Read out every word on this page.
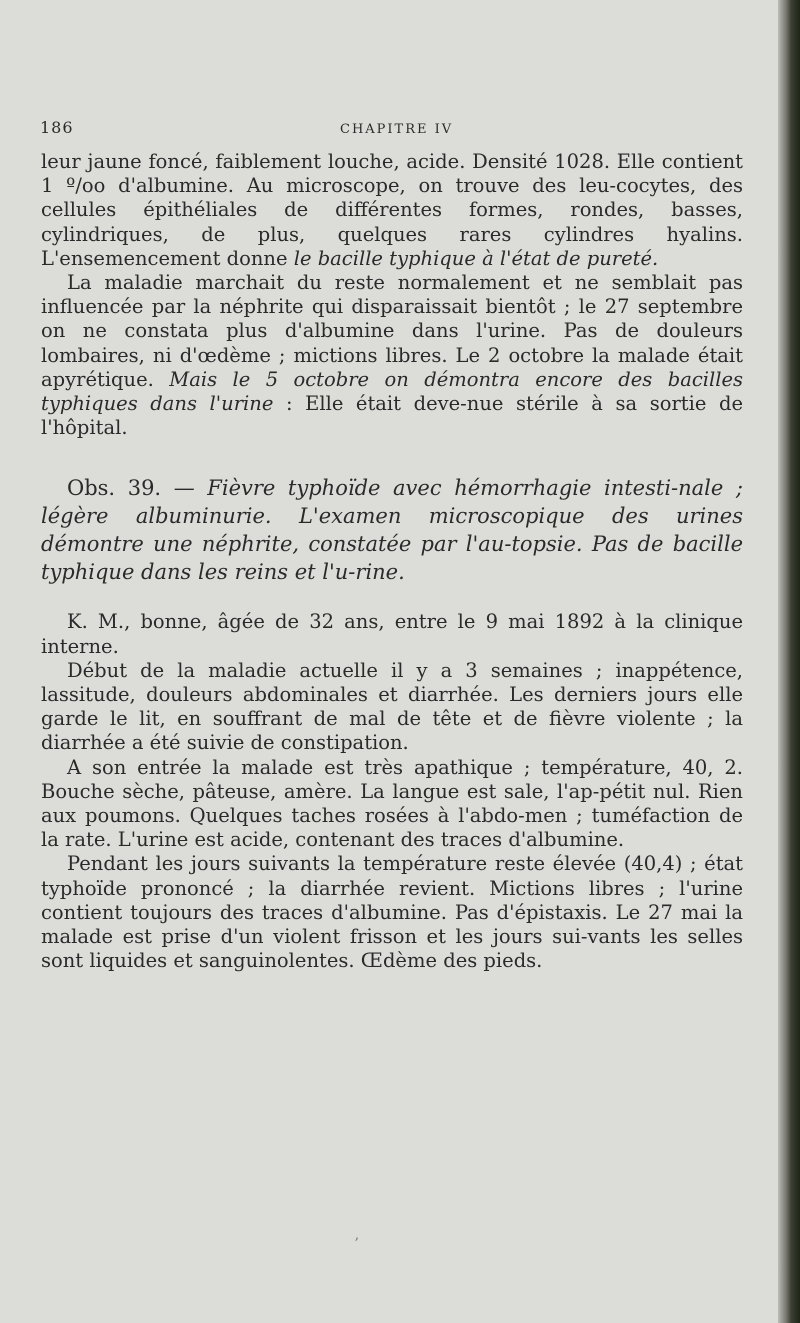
186	CHAPITRE IV

leur jaune foncé, faiblement louche, acide. Densité 1028. Elle contient 1 º/oo d'albumine. Au microscope, on trouve des leu-cocytes, des cellules épithéliales de différentes formes, rondes, basses, cylindriques, de plus, quelques rares cylindres hyalins. L'ensemencement donne le bacille typhique à l'état de pureté.

La maladie marchait du reste normalement et ne semblait pas influencée par la néphrite qui disparaissait bientôt ; le 27 septembre on ne constata plus d'albumine dans l'urine. Pas de douleurs lombaires, ni d'œdème ; mictions libres. Le 2 octobre la malade était apyrétique. Mais le 5 octobre on démontra encore des bacilles typhiques dans l'urine : Elle était deve-nue stérile à sa sortie de l'hôpital.

Obs. 39. — Fièvre typhoïde avec hémorrhagie intesti-nale ; légère albuminurie. L'examen microscopique des urines démontre une néphrite, constatée par l'au-topsie. Pas de bacille typhique dans les reins et l'u-rine.

K. M., bonne, âgée de 32 ans, entre le 9 mai 1892 à la clinique interne.

Début de la maladie actuelle il y a 3 semaines ; inappétence, lassitude, douleurs abdominales et diarrhée. Les derniers jours elle garde le lit, en souffrant de mal de tête et de fièvre violente ; la diarrhée a été suivie de constipation.

A son entrée la malade est très apathique ; température, 40, 2. Bouche sèche, pâteuse, amère. La langue est sale, l'ap-pétit nul. Rien aux poumons. Quelques taches rosées à l'abdo-men ; tuméfaction de la rate. L'urine est acide, contenant des traces d'albumine.

Pendant les jours suivants la température reste élevée (40,4) ; état typhoïde prononcé ; la diarrhée revient. Mictions libres ; l'urine contient toujours des traces d'albumine. Pas d'épistaxis. Le 27 mai la malade est prise d'un violent frisson et les jours sui-vants les selles sont liquides et sanguinolentes. Œdème des pieds.

ʼ
